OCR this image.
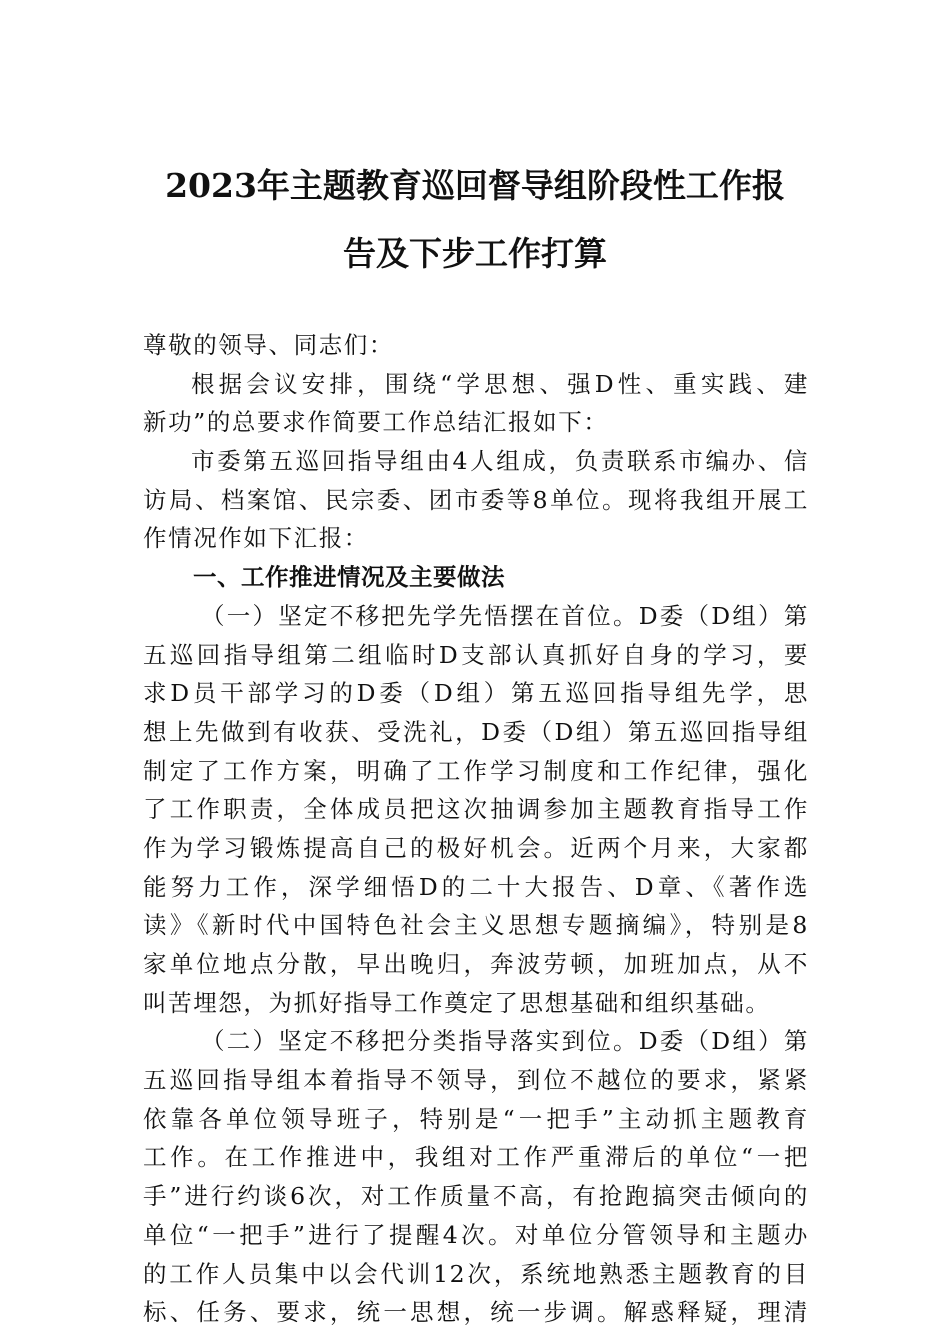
2023年主题教育巡回督导组阶段性工作报
告及下步工作打算
尊敬的领导、同志们：
根据会议安排，围绕“学思想、强D性、重实践、建
新功”的总要求作简要工作总结汇报如下：
市委第五巡回指导组由4人组成，负责联系市编办、信
访局、档案馆、民宗委、团市委等8单位。现将我组开展工
作情况作如下汇报：
一、工作推进情况及主要做法
（一）坚定不移把先学先悟摆在首位。D委（D组）第
五巡回指导组第二组临时D支部认真抓好自身的学习，要
求D员干部学习的D委（D组）第五巡回指导组先学，思
想上先做到有收获、受洗礼，D委（D组）第五巡回指导组
制定了工作方案，明确了工作学习制度和工作纪律，强化
了工作职责，全体成员把这次抽调参加主题教育指导工作
作为学习锻炼提高自己的极好机会。近两个月来，大家都
能努力工作，深学细悟D的二十大报告、D章、《著作选
读》《新时代中国特色社会主义思想专题摘编》，特别是8
家单位地点分散，早出晚归，奔波劳顿，加班加点，从不
叫苦埋怨，为抓好指导工作奠定了思想基础和组织基础。
（二）坚定不移把分类指导落实到位。D委（D组）第
五巡回指导组本着指导不领导，到位不越位的要求，紧紧
依靠各单位领导班子，特别是“一把手”主动抓主题教育
工作。在工作推进中，我组对工作严重滞后的单位“一把
手”进行约谈6次，对工作质量不高，有抢跑搞突击倾向的
单位“一把手”进行了提醒4次。对单位分管领导和主题办
的工作人员集中以会代训12次，系统地熟悉主题教育的目
标、任务、要求，统一思想，统一步调。解惑释疑，理清
